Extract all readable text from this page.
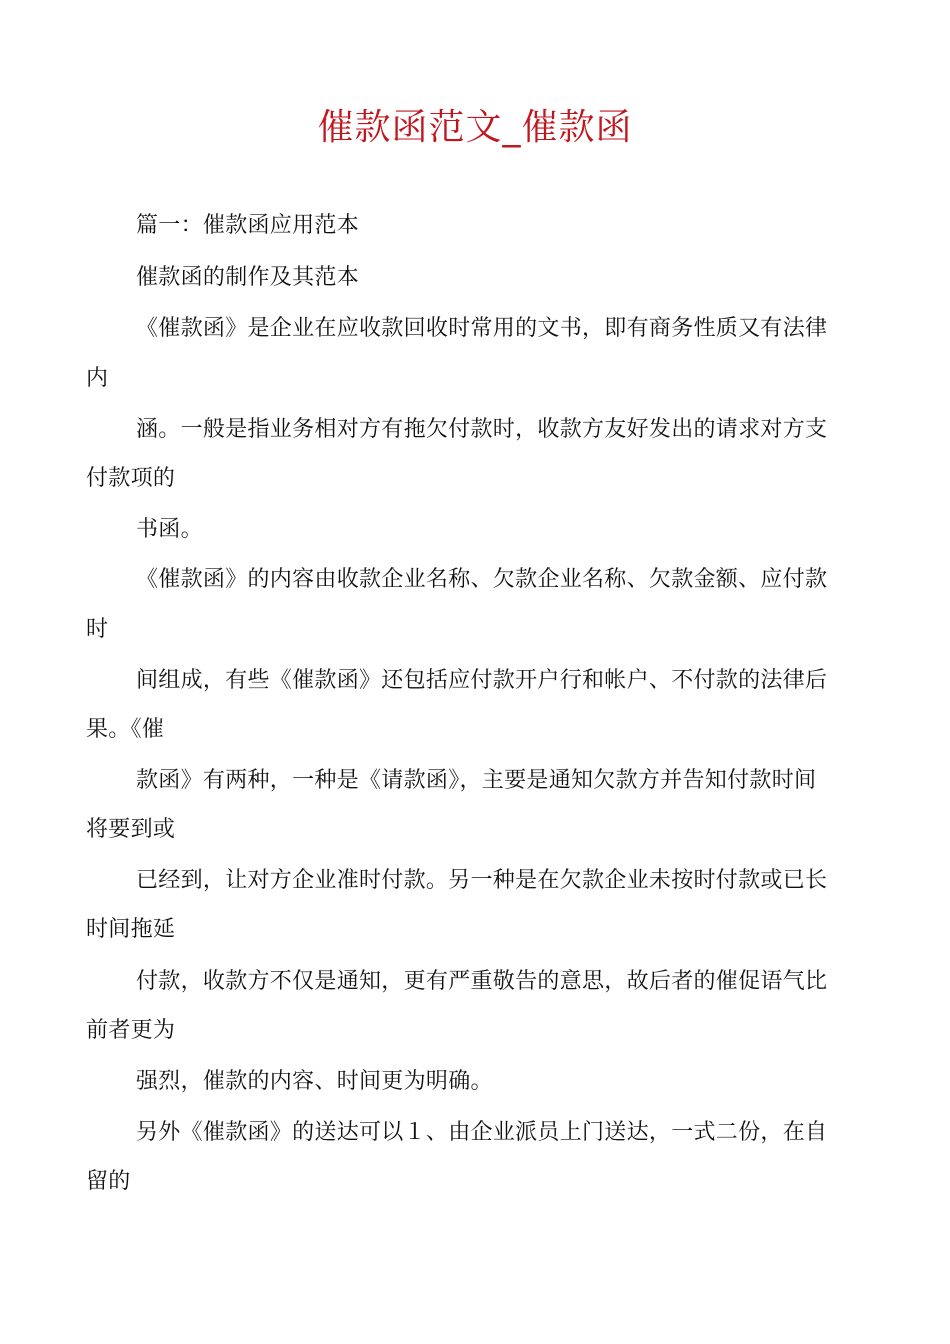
催款函范文_催款函
篇一：催款函应用范本
催款函的制作及其范本
《催款函》是企业在应收款回收时常用的文书，即有商务性质又有法律
内
涵。一般是指业务相对方有拖欠付款时，收款方友好发出的请求对方支
付款项的
书函。
《催款函》的内容由收款企业名称、欠款企业名称、欠款金额、应付款
时
间组成，有些《催款函》还包括应付款开户行和帐户、不付款的法律后
果。《催
款函》有两种，一种是《请款函》，主要是通知欠款方并告知付款时间
将要到或
已经到，让对方企业准时付款。另一种是在欠款企业未按时付款或已长
时间拖延
付款，收款方不仅是通知，更有严重敬告的意思，故后者的催促语气比
前者更为
强烈，催款的内容、时间更为明确。
另外《催款函》的送达可以１、由企业派员上门送达，一式二份，在自
留的
